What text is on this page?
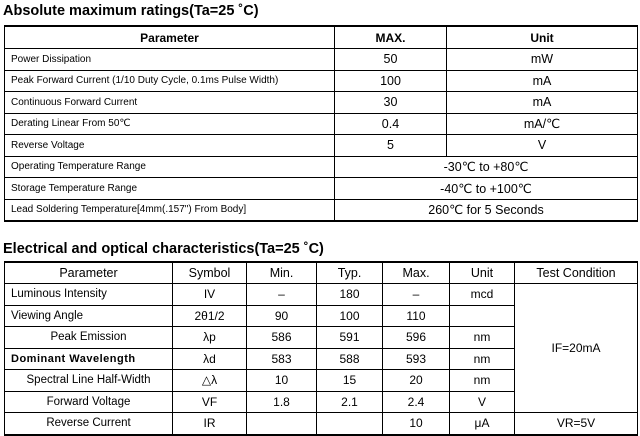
Absolute maximum ratings(Ta=25 ˚C)
Parameter	MAX.	Unit
Power Dissipation	50	mW
Peak Forward Current (1/10 Duty Cycle, 0.1ms Pulse Width)	100	mA
Continuous Forward Current	30	mA
Derating Linear From 50℃	0.4	mA/℃
Reverse Voltage	5	V
Operating Temperature Range	-30℃ to +80℃	
Storage Temperature Range	-40℃ to +100℃	
Lead Soldering Temperature[4mm(.157") From Body]	260℃ for 5 Seconds	
Electrical and optical characteristics(Ta=25 ˚C)
Parameter	Symbol	Min.	Typ.	Max.	Unit	Test Condition
Luminous Intensity	IV	–	180	–	mcd	IF=20mA
Viewing Angle	2θ1/2	90	100	110		
Peak Emission	λp	586	591	596	nm	
Dominant Wavelength	λd	583	588	593	nm	
Spectral Line Half-Width	△λ	10	15	20	nm	
Forward Voltage	VF	1.8	2.1	2.4	V	
Reverse Current	IR			10	μA	VR=5V
